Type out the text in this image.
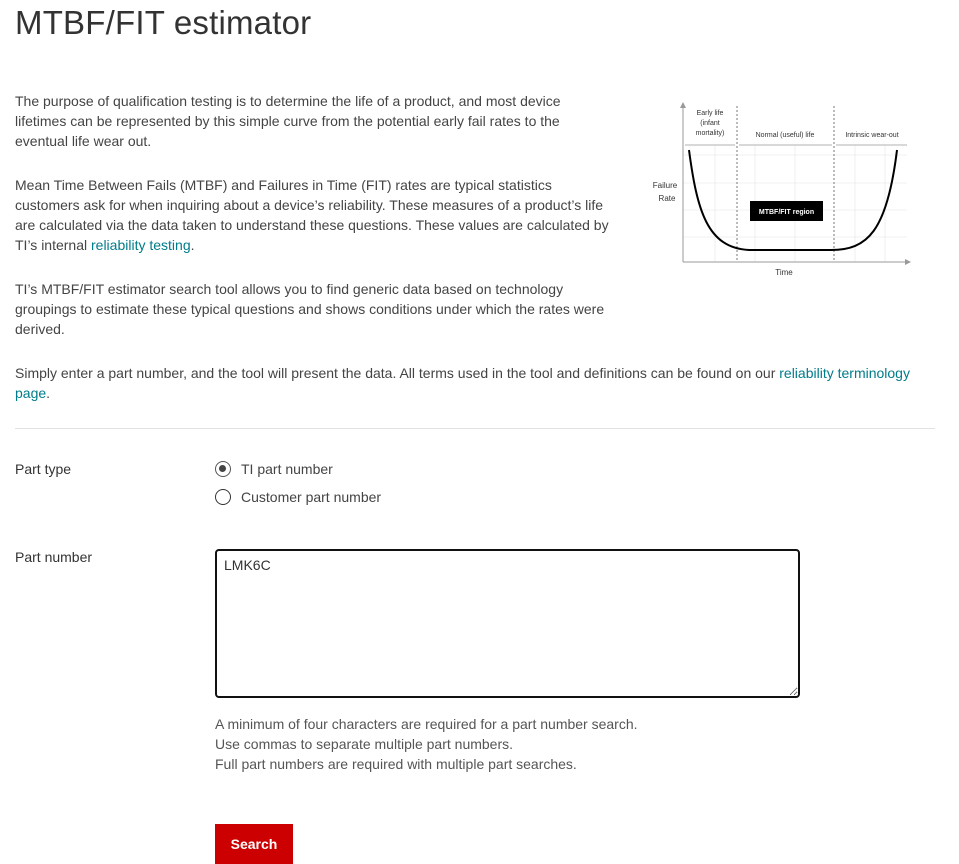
MTBF/FIT estimator

The purpose of qualification testing is to determine the life of a product, and most device lifetimes can be represented by this simple curve from the potential early fail rates to the eventual life wear out.

Mean Time Between Fails (MTBF) and Failures in Time (FIT) rates are typical statistics customers ask for when inquiring about a device’s reliability. These measures of a product’s life are calculated via the data taken to understand these questions. These values are calculated by TI’s internal reliability testing.

TI’s MTBF/FIT estimator search tool allows you to find generic data based on technology groupings to estimate these typical questions and shows conditions under which the rates were derived.

Early life
(infant
mortality)	Normal (useful) life	Intrinsic wear-out
Failure
Rate
Time
MTBF/FIT region

Simply enter a part number, and the tool will present the data. All terms used in the tool and definitions can be found on our reliability terminology page.

Part type	TI part number
Customer part number
Part number
LMK6C
A minimum of four characters are required for a part number search.
Use commas to separate multiple part numbers.
Full part numbers are required with multiple part searches.
Search
